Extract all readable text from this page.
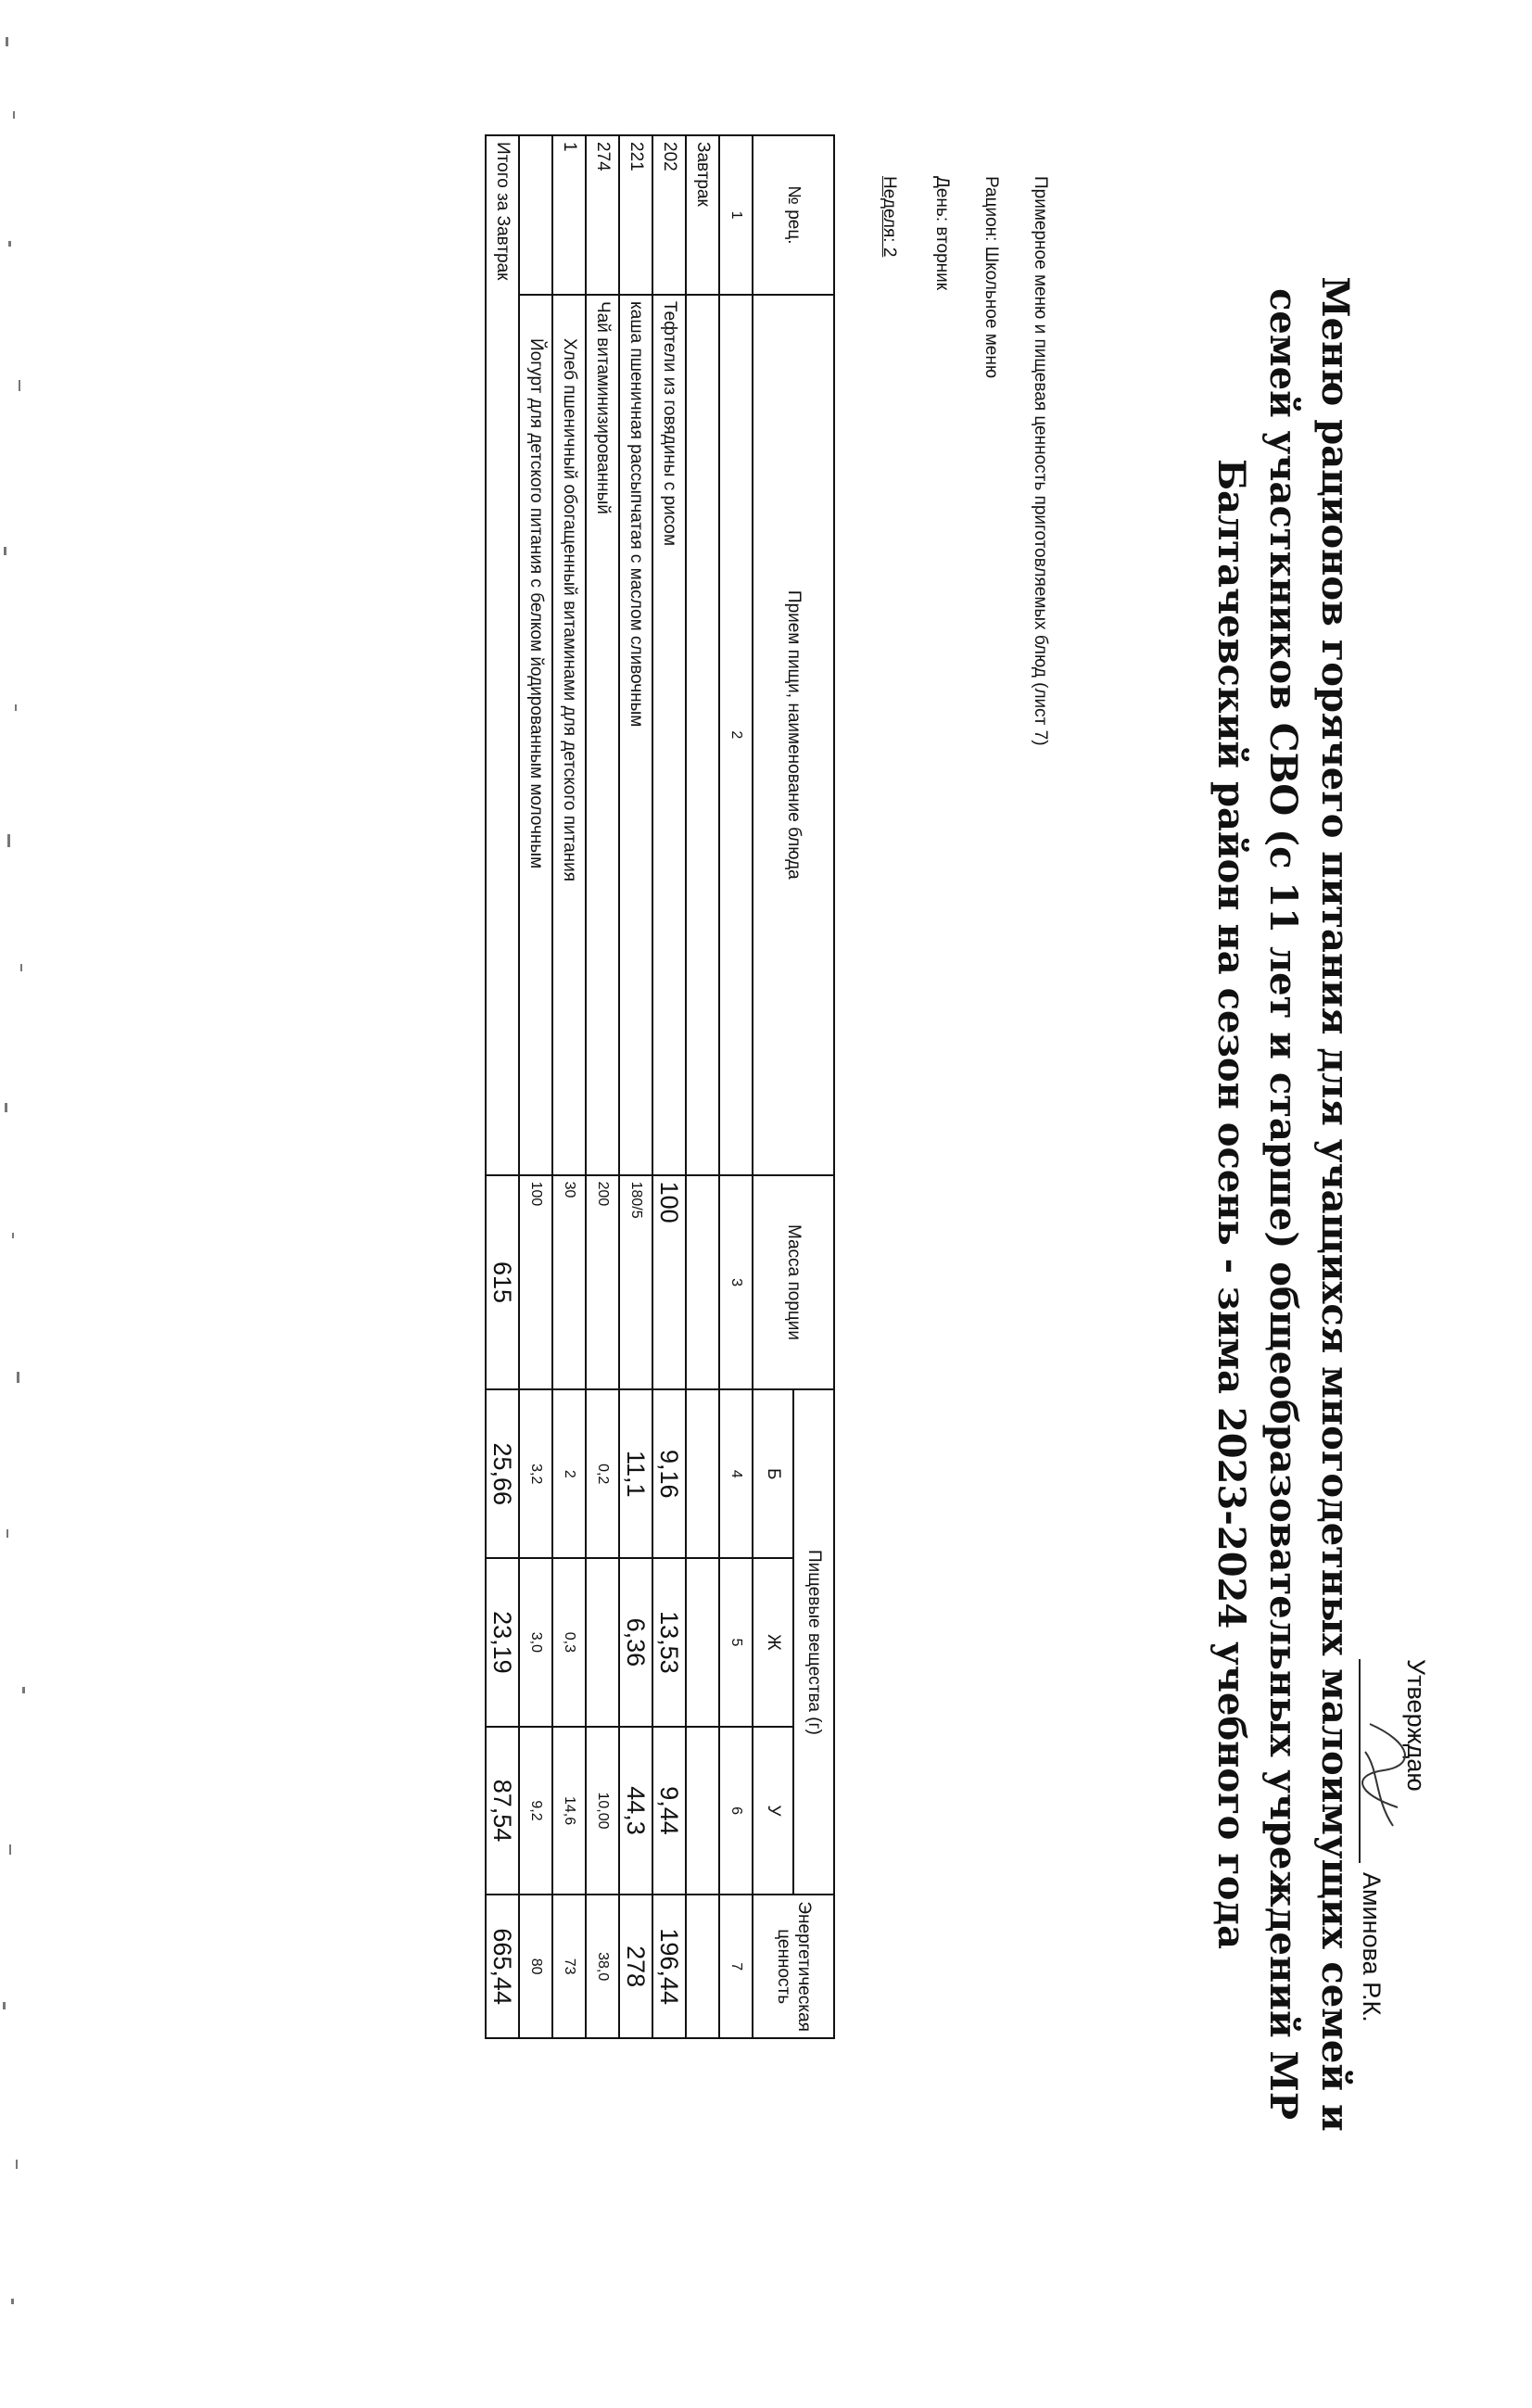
Меню рационов горячего питания для учащихся многодетных малоимущих семей и
семей участкников СВО (с 11 лет и старше) общеобразовательных учреждений МР
Балтачевский район на сезон осень - зима 2023-2024 учебного года	Утверждаю
Аминова Р.К.
Примерное меню и пищевая ценность приготовляемых блюд (лист 7)
Рацион: Школьное меню
День: вторник
Неделя: 2
№ рец.	Прием пищи, наименование блюда	Масса порции	Пищевые вещества (г)			Энергетическая ценность
			Б	Ж	У	
1	2	3	4	5	6	7
Завтрак						
202	Тефтели из говядины с рисом	100	9,16	13,53	9,44	196,44
221	каша пшеничная рассыпчатая с маслом сливочным	180/5	11,1	6,36	44,3	278
274	Чай витаминизированный	200	0,2		10,00	38,0
1	Хлеб пшеничный обогащенный витаминами для детского питания	30	2	0,3	14,6	73
	Йогурт для детского питания с белком йодированным молочным	100	3,2	3,0	9,2	80
Итого за Завтрак		615	25,66	23,19	87,54	665,44
